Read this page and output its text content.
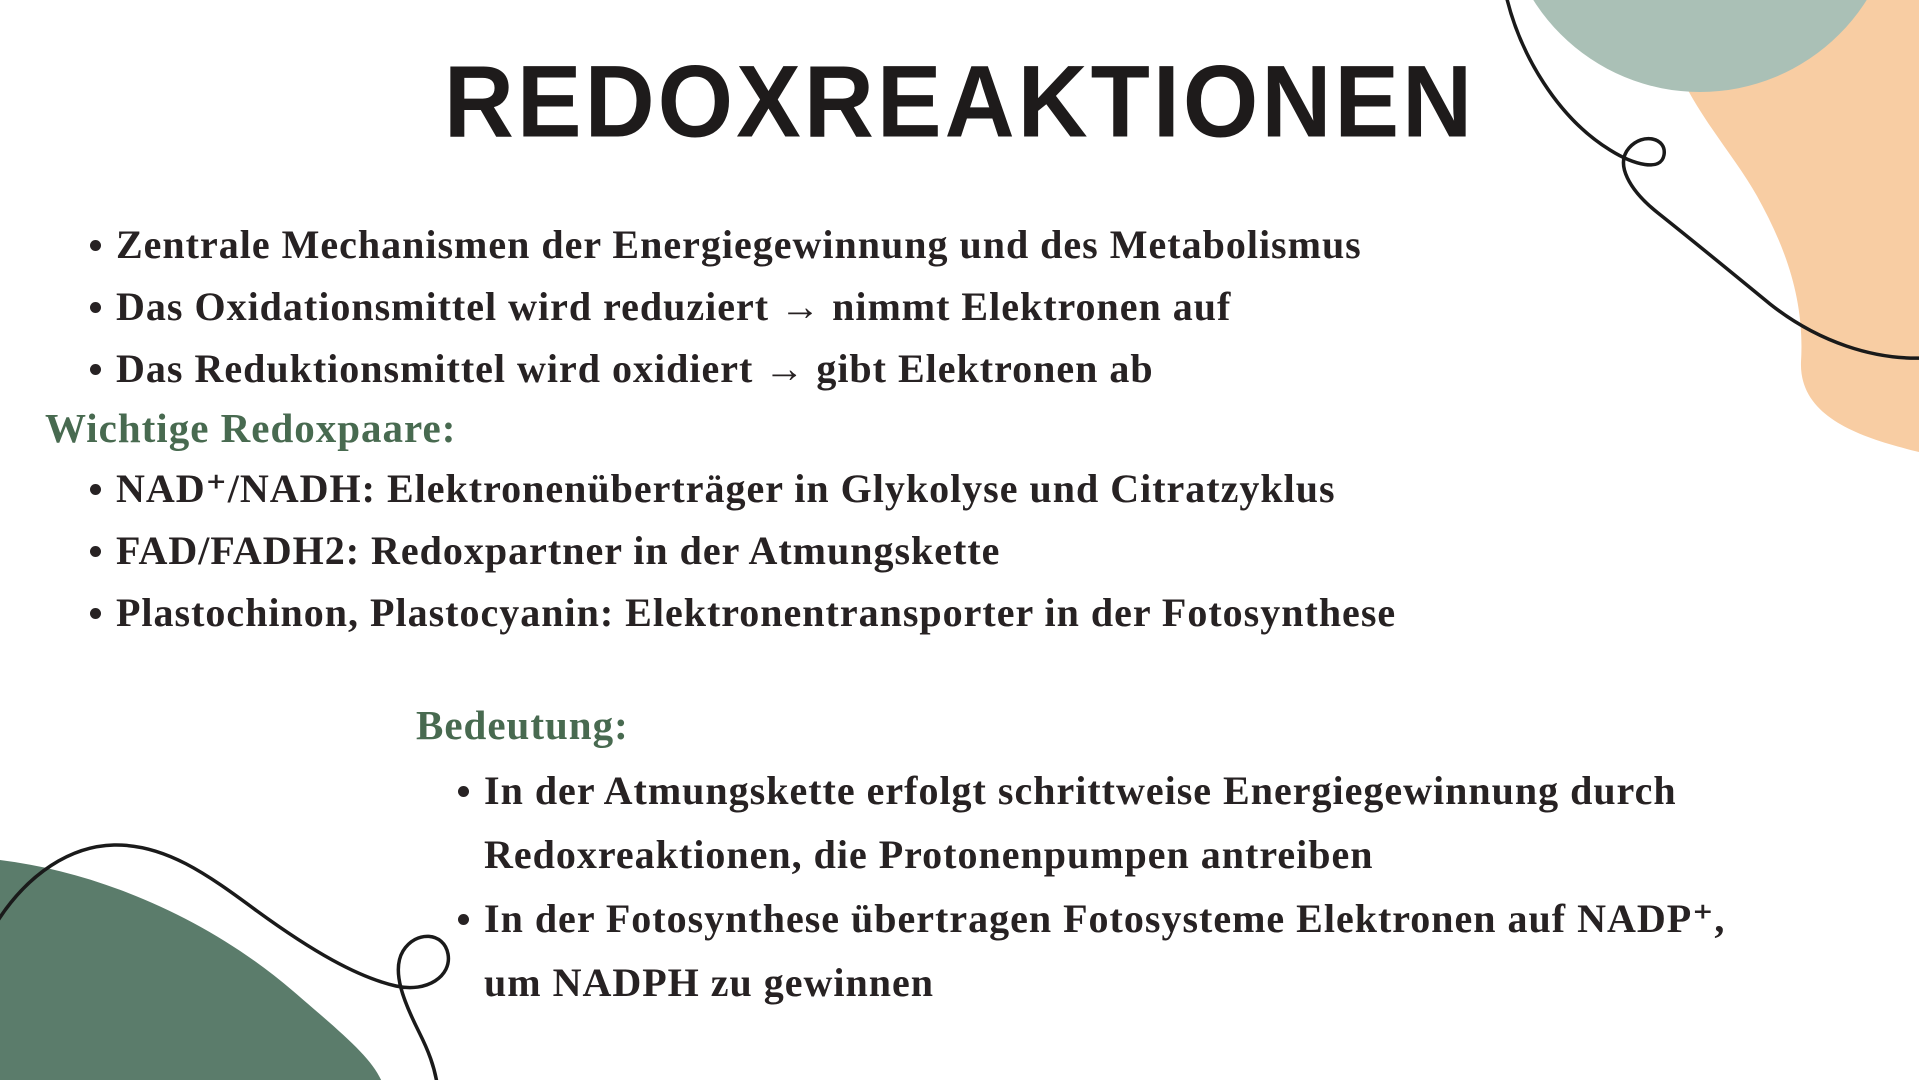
REDOXREAKTIONEN
Zentrale Mechanismen der Energiegewinnung und des Metabolismus
Das Oxidationsmittel wird reduziert → nimmt Elektronen auf
Das Reduktionsmittel wird oxidiert → gibt Elektronen ab
Wichtige Redoxpaare:
NAD⁺/NADH: Elektronenüberträger in Glykolyse und Citratzyklus
FAD/FADH2: Redoxpartner in der Atmungskette
Plastochinon, Plastocyanin: Elektronentransporter in der Fotosynthese
Bedeutung:
In der Atmungskette erfolgt schrittweise Energiegewinnung durch
Redoxreaktionen, die Protonenpumpen antreiben
In der Fotosynthese übertragen Fotosysteme Elektronen auf NADP⁺,
um NADPH zu gewinnen
